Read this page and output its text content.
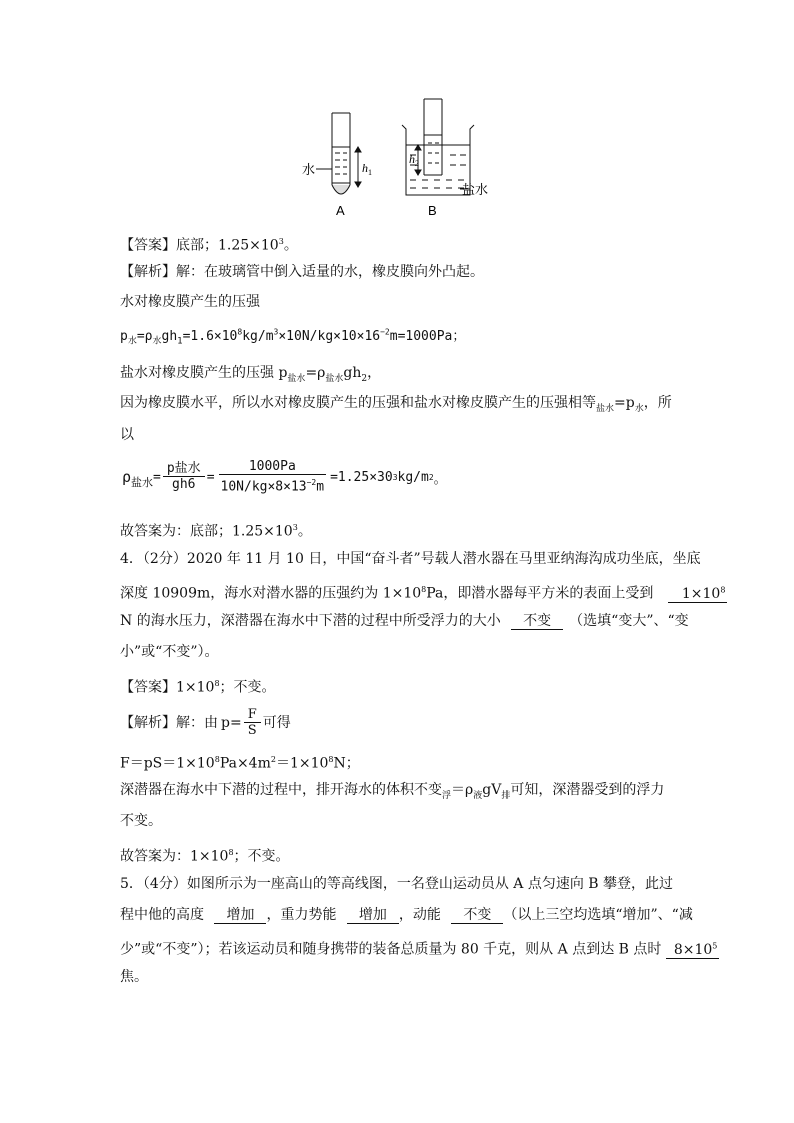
水	$h_1$
A
$h_2$
盐水
B
【答案】底部；$1.25\times 10^3$。
【解析】解：在玻璃管中倒入适量的水，橡皮膜向外凸起。
水对橡皮膜产生的压强
$p_水=\rho_水gh_1=1.6\times 10^8kg/m^3\times 10N/kg\times 10\times 16^{-2}m=1000Pa$；
盐水对橡皮膜产生的压强 $p_{盐水}=\rho_{盐水}gh_2$，
因为橡皮膜水平，所以水对橡皮膜产生的压强和盐水对橡皮膜产生的压强相等$_{盐水}=p_水$，所
以
$\rho_{盐水} = \frac{\text{p盐水}}{gh6} = \frac{1000Pa}{10N/kg\times 8\times 13^{-2}m} =1.25\times 30$ 3 kg/m 2 。
故答案为：底部；$1.25\times 10^3$。
4．（2分）2020 年 11 月 10 日，中国“奋斗者”号载人潜水器在马里亚纳海沟成功坐底，坐底
深度 10909m，海水对潜水器的压强约为 $1\times 10^8Pa$，即潜水器每平方米的表面上受到 $1\times 10^8$
N 的海水压力，深潜器在海水中下潜的过程中所受浮力的大小 不变 （选填“变大”、“变
小”或“不变”）。
【答案】$1\times 10^8$；不变。
【解析】 解：由 $p= \frac{F}{S}$ 可得
$F=pS=1\times 10^8Pa\times 4m^2=1\times 10^8N$；
深潜器在海水中下潜的过程中，排开海水的体积不变$_浮=\rho_液gV_排$可知，深潜器受到的浮力
不变。
故答案为：$1\times 10^8$；不变。
5．（4分）如图所示为一座高山的等高线图，一名登山运动员从 A 点匀速向 B 攀登，此过
程中他的高度 增加 ，重力势能 增加 ，动能 不变 （以上三空均选填“增加”、“减
少”或“不变”）；若该运动员和随身携带的装备总质量为 80 千克，则从 A 点到达 B 点时 $8\times 10^5$
焦。
